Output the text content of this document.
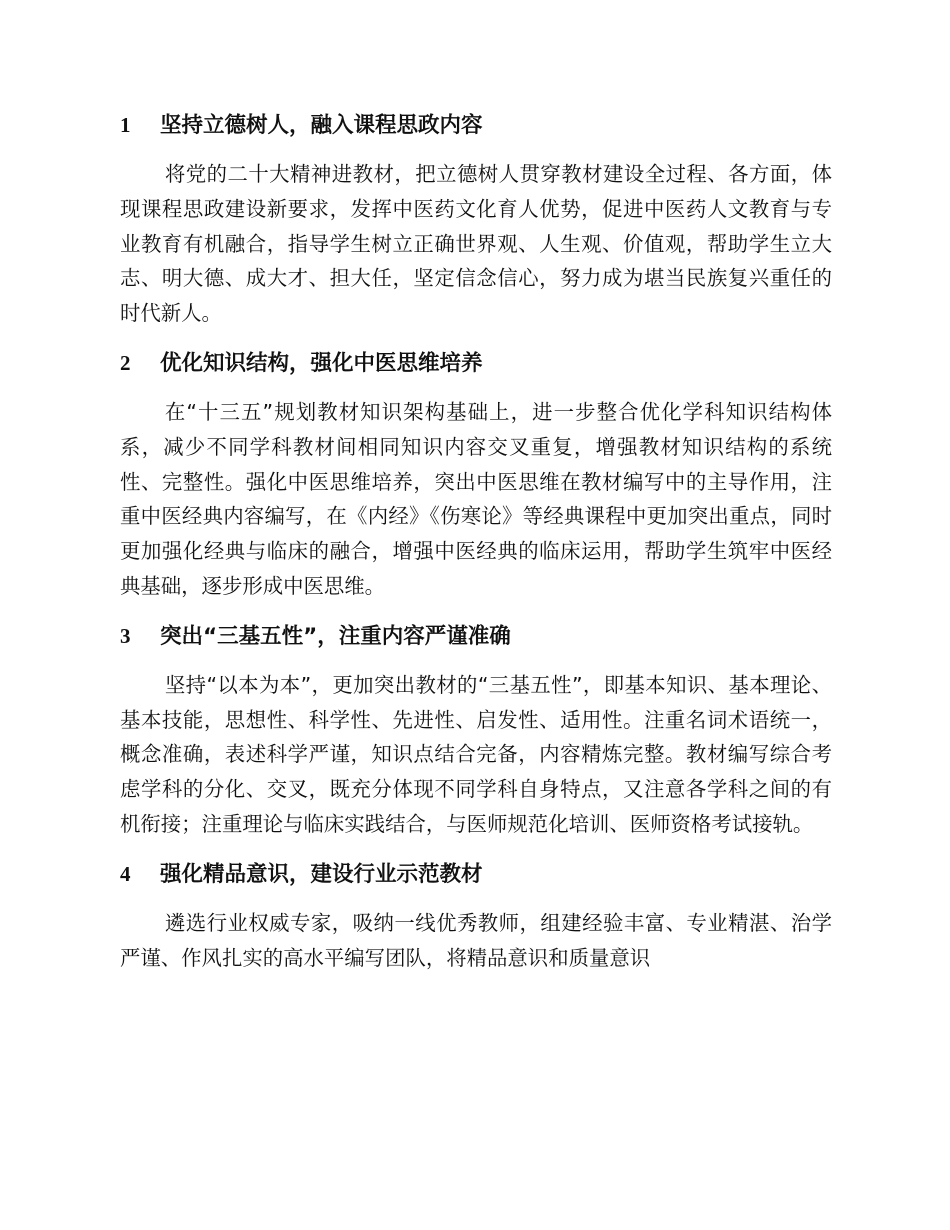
1	坚持立德树人，融入课程思政内容

将党的二十大精神进教材，把立德树人贯穿教材建设全过程、各方面，体现课程思政建设新要求，发挥中医药文化育人优势，促进中医药人文教育与专业教育有机融合，指导学生树立正确世界观、人生观、价值观，帮助学生立大志、明大德、成大才、担大任，坚定信念信心，努力成为堪当民族复兴重任的时代新人。

2	优化知识结构，强化中医思维培养

在“十三五”规划教材知识架构基础上，进一步整合优化学科知识结构体系，减少不同学科教材间相同知识内容交叉重复，增强教材知识结构的系统性、完整性。强化中医思维培养，突出中医思维在教材编写中的主导作用，注重中医经典内容编写，在《内经》《伤寒论》等经典课程中更加突出重点，同时更加强化经典与临床的融合，增强中医经典的临床运用，帮助学生筑牢中医经典基础，逐步形成中医思维。

3	突出“三基五性”，注重内容严谨准确

坚持“以本为本”，更加突出教材的“三基五性”，即基本知识、基本理论、基本技能，思想性、科学性、先进性、启发性、适用性。注重名词术语统一，概念准确，表述科学严谨，知识点结合完备，内容精炼完整。教材编写综合考虑学科的分化、交叉，既充分体现不同学科自身特点，又注意各学科之间的有机衔接；注重理论与临床实践结合，与医师规范化培训、医师资格考试接轨。

4	强化精品意识，建设行业示范教材

遴选行业权威专家，吸纳一线优秀教师，组建经验丰富、专业精湛、治学严谨、作风扎实的高水平编写团队，将精品意识和质量意识
